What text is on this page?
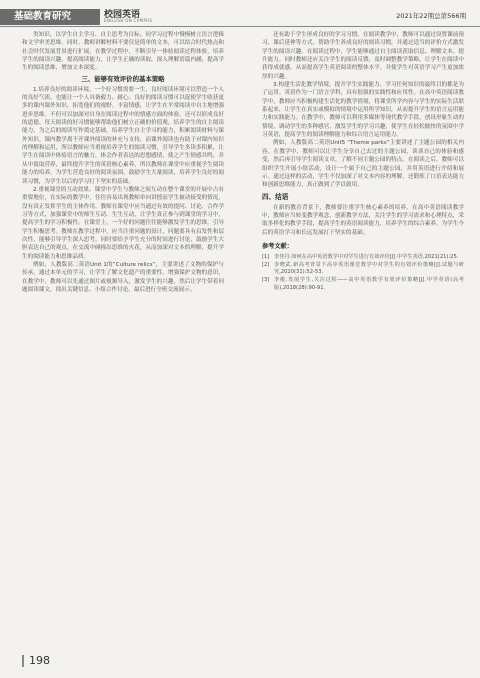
基础教育研究	校园英语
ENGLISH ON CAMPUS
2021年22期总第566期

类知识，以学生自主学习、自主思考为目标。同学习过程中慢慢树立语言逻辑和文学审美思维。同时，教师讲解材料不要仅是简单的文本，可以结合时代热点和社会时代发展背景进行扩展，在教学过程中，不断引导一体验阅读过程体验，培养学生的阅读兴趣，提高阅读能力，让学生正确的读取，深入理解语篇内涵，提高学生的阅读思维，增加文本深度。

三、能够有效评价的基本策略

1.培养良好的阅读环境。一个好习惯需要一生，良好阅读环境可以塑造一个人的良好气质，也能让一个人具备毅力、耐心。良好的阅读习惯可以促使学生收获更多的课内课外知识，拓宽他们的视野。丰富情感，让学生在平常阅读中自主地增强进步思维。不但可以加深对自身在阅读过程中的情感方面的体验，还可以形成良好的道德。每天阅读的好习惯能够帮助他们树立正确的价值观，培养学生的自主阅读能力，为之后的阅读写作奠定基础，培养学生自主学习的能力，积累阅读材料与课外知识。课内教学离不开课外阅读的补充与支持，而课外阅读也有助于对课内知识的理解和运用，所以教师应当重视培养学生的阅读习惯，引导学生多读多积累，让学生在阅读中体验语言的魅力，体会作者表达的思想感情，使之产生情感共鸣，并从中汲取营养，最终提升学生的英语核心素养，所以教师在课堂中应重视学生阅读能力的培养，为学生营造良好的阅读氛围，鼓励学生大量阅读，培养学生良好的阅读习惯，为学生以后的学习打下坚实的基础。

2.重视课堂的互动效果。课堂中学生与教师之间互动在整个课堂的开展中占有重要地位，在实际的教学中，往往容易出现教师单向讲授而学生被动接受的情况，没有真正发挥学生的主体作用。教师在课堂中应当通过有效的提问、讨论、合作学习等方式，加强课堂中的师生互动、生生互动，让学生真正参与到课堂的学习中，提高学生的学习积极性。在课堂上，一个好的问题往往能够激发学生的思维，引导学生积极思考。教师在教学过程中，应当注重问题的设计，问题要具有启发性和层次性，能够引导学生深入思考。同时要给予学生充分的时间进行讨论，鼓励学生大胆表达自己的观点，在交流中碰撞出思维的火花，从而加深对文本的理解，提升学生的阅读能力和思维品质。

例如，人教版高二英语Unit 1的“Culture relics”，主要讲述了文物的保护与传承，通过本单元的学习，让学生了解文化遗产的重要性，增强保护文物的意识。在教学中，教师可以先通过图片或视频导入，激发学生的兴趣，然后让学生带着问题阅读课文，找出关键信息，小组合作讨论，最后进行全班交流展示。

还有助于学生形成良好的学习习惯。在阅读教学中，教师可以通过设置课前预习、课后延伸等方式，帮助学生养成良好的阅读习惯，并通过适当的评价方式激发学生的阅读兴趣。在阅读过程中，学生能够通过自主阅读获取信息、理解文本、提升能力。同时教师还应关注学生的阅读反馈，及时调整教学策略，让学生在阅读中获得成就感，从而提高学生英语阅读的整体水平，并使学生对英语学习产生更加浓厚的兴趣。

3.构建生活化教学情境，提升学生实践能力。学习任何知识的最终目的都是为了运用。英语作为一门语言学科，具有很强的实践性和应用性。在高中英语阅读教学中，教师应当积极构建生活化的教学情境，将课堂所学内容与学生的实际生活联系起来，让学生在真实或模拟的情境中运用所学知识，从而提升学生的语言运用能力和实践能力。在教学中，教师可以利用多媒体等现代教学手段，创设形象生动的情境，调动学生的多种感官，激发学生的学习兴趣，使学生在轻松愉快的氛围中学习英语，提高学生的阅读理解能力和综合语言运用能力。

例如，人教版高二英语Unit5 “Theme parks”主要讲述了主题公园的相关内容。在教学中，教师可以让学生分享自己去过的主题公园，谈谈自己的体验和感受，然后再引导学生阅读文章，了解不同主题公园的特点。在阅读之后，教师可以组织学生开展小组活动，设计一个属于自己的主题公园，并用英语进行介绍和展示。通过这样的活动，学生不仅加深了对文本内容的理解，还锻炼了口语表达能力和创新思维能力，真正做到了学以致用。

四、结语

在新的教育背景下，教师要注重学生核心素养的培养。在高中英语阅读教学中，教师应当转变教学观念，创新教学方法，关注学生的学习需求和心理特点，采取多样化的教学手段，提高学生的英语阅读能力，培养学生的综合素养，为学生今后的英语学习和长远发展打下坚实的基础。

参考文献：

[1] 李佳丹.如何在高中英语教学中对学生进行有效评价[J].中学生英语,2021(21):25.

[2] 李晓武.新高考背景下高中英语课堂教学中对学生的有效评价策略[J].试题与研究,2020(31):52-53.

[3] 李俊.发展学生,关注过程——高中英语教学有效评价策略[J].中学英语(高考版),2018(28):90-91.

198
